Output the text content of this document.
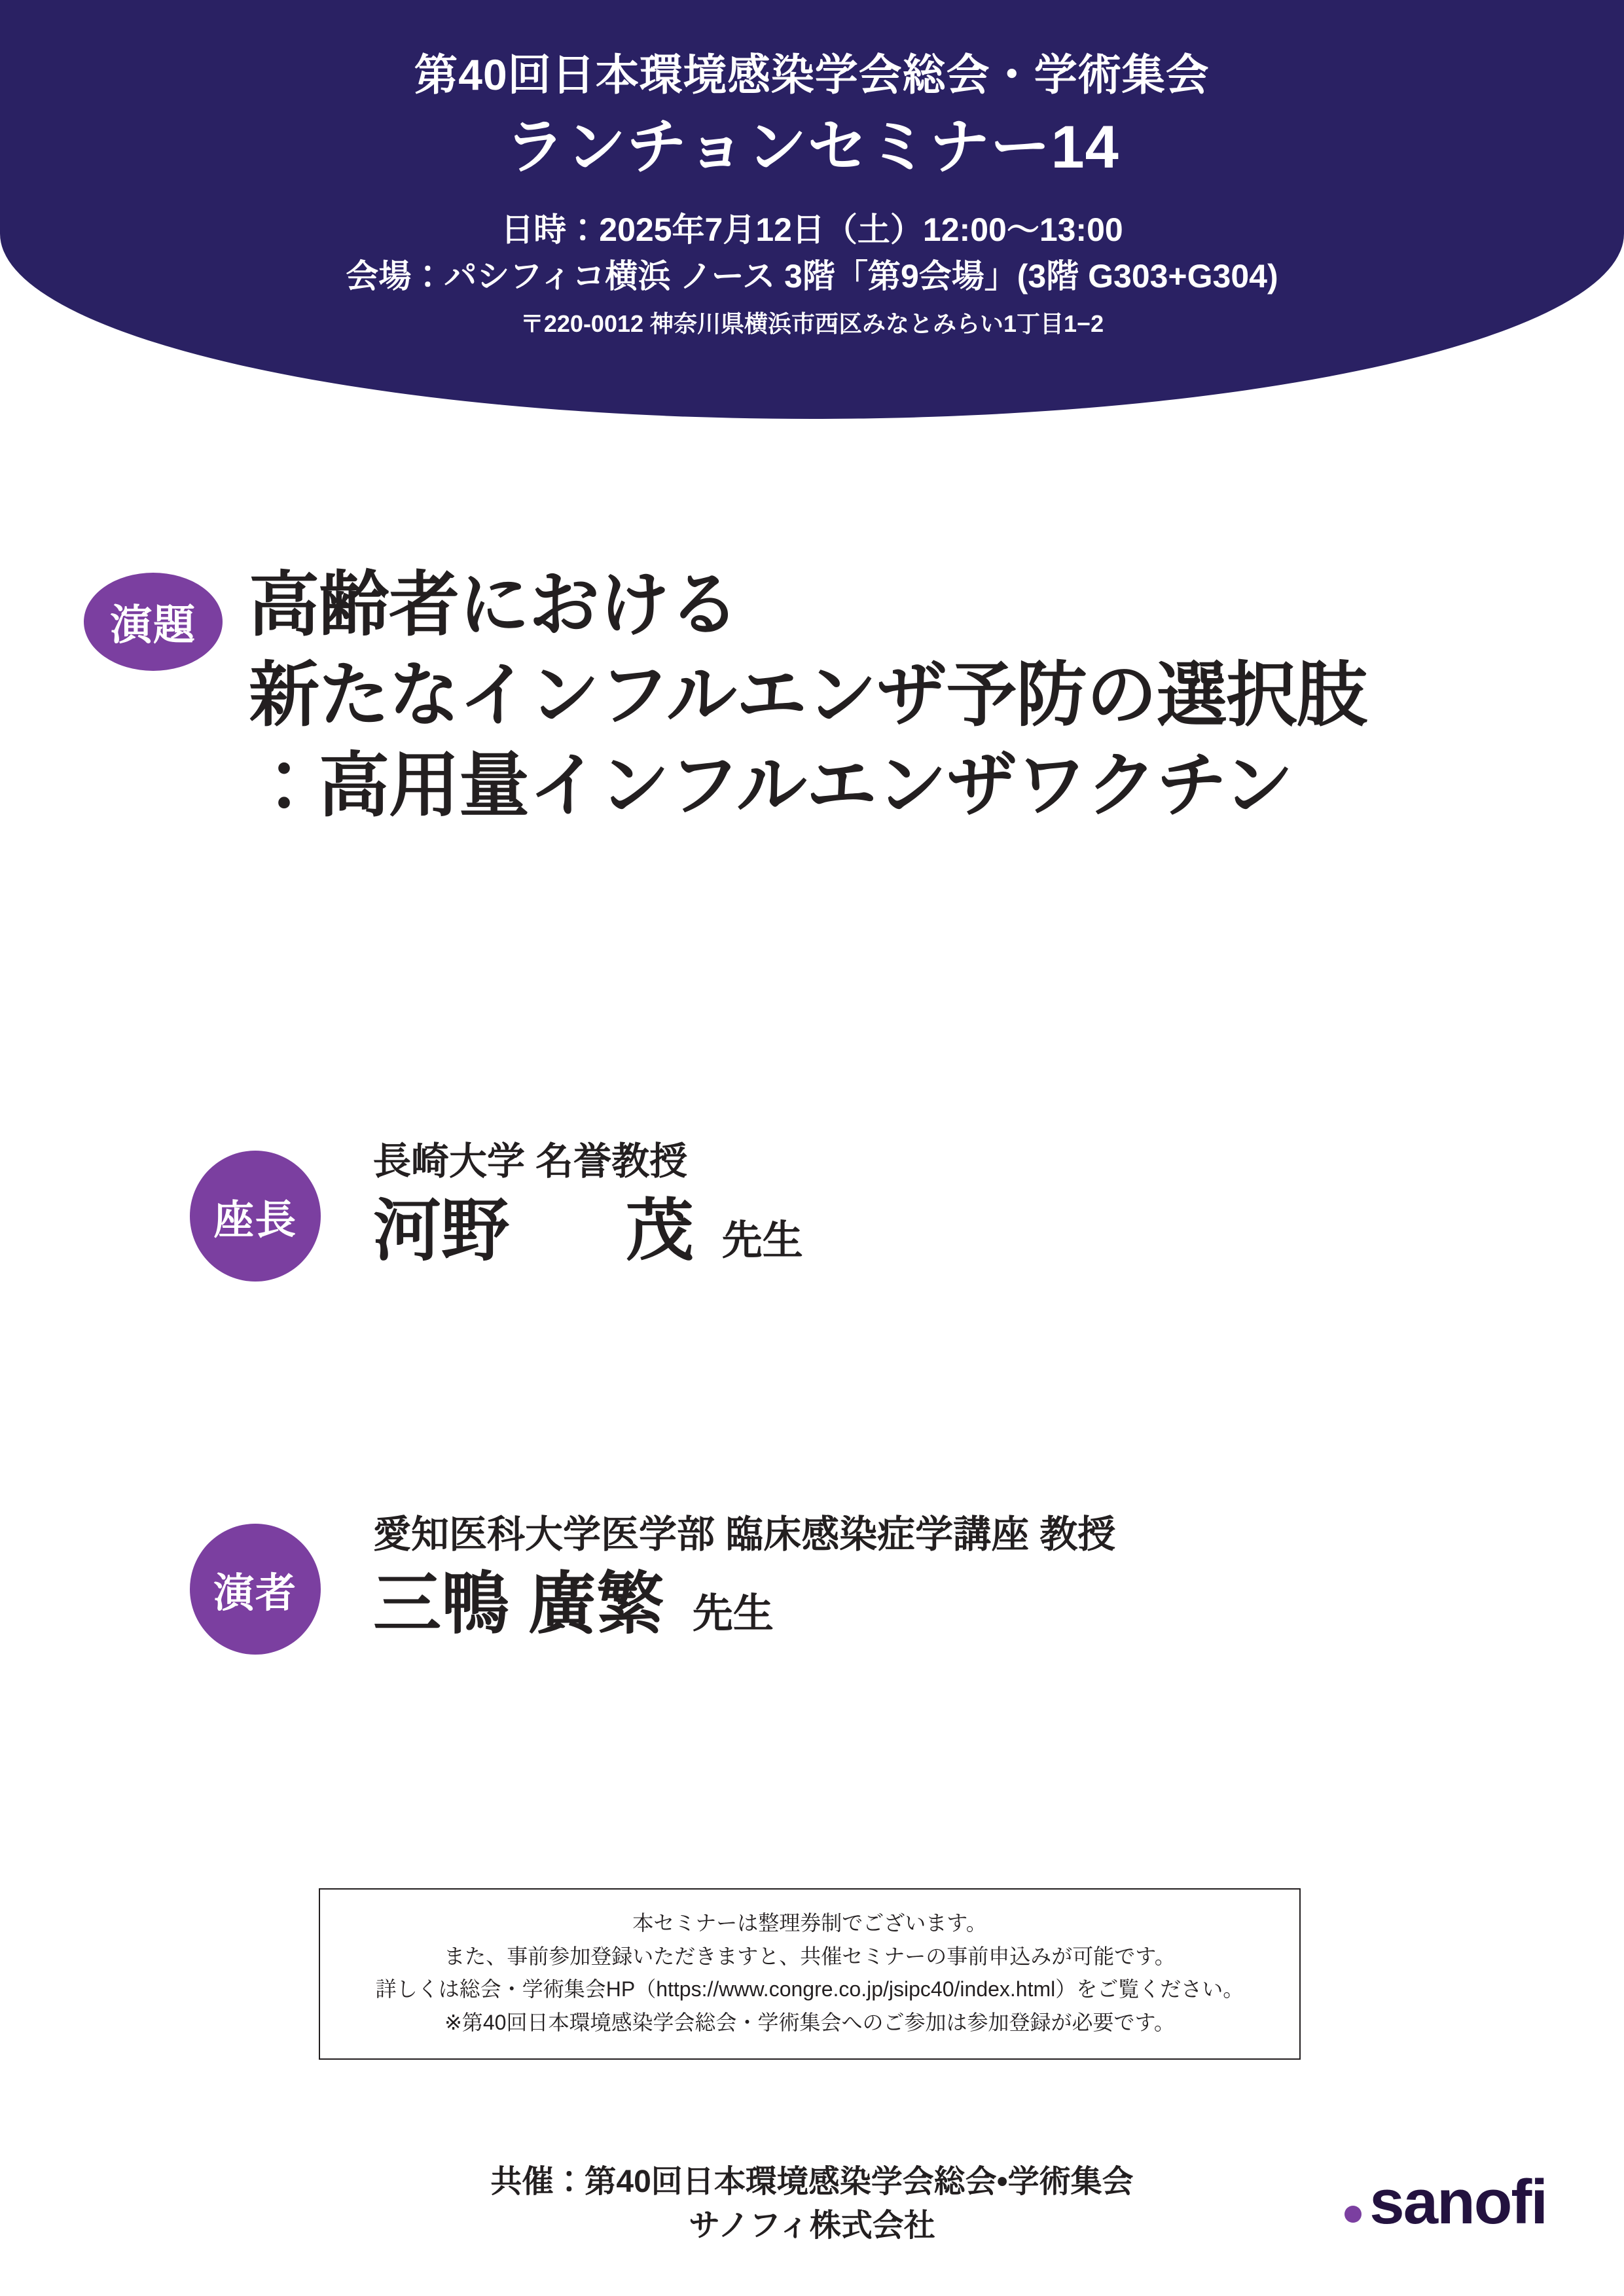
第40回日本環境感染学会総会・学術集会
ランチョンセミナー14
日時：2025年7月12日（土）12:00〜13:00
会場：パシフィコ横浜 ノース 3階「第9会場」(3階 G303+G304)
〒220-0012 神奈川県横浜市西区みなとみらい1丁目1−2
演題 高齢者における
新たなインフルエンザ予防の選択肢
：高用量インフルエンザワクチン
座長
長崎大学 名誉教授
河野 茂 先生
演者
愛知医科大学医学部 臨床感染症学講座 教授
三鴨 廣繁 先生
本セミナーは整理券制でございます。
また、事前参加登録いただきますと、共催セミナーの事前申込みが可能です。
詳しくは総会・学術集会HP（https://www.congre.co.jp/jsipc40/index.html）をご覧ください。
※第40回日本環境感染学会総会・学術集会へのご参加は参加登録が必要です。
共催：第40回日本環境感染学会総会•学術集会
サノフィ株式会社	sanofi
